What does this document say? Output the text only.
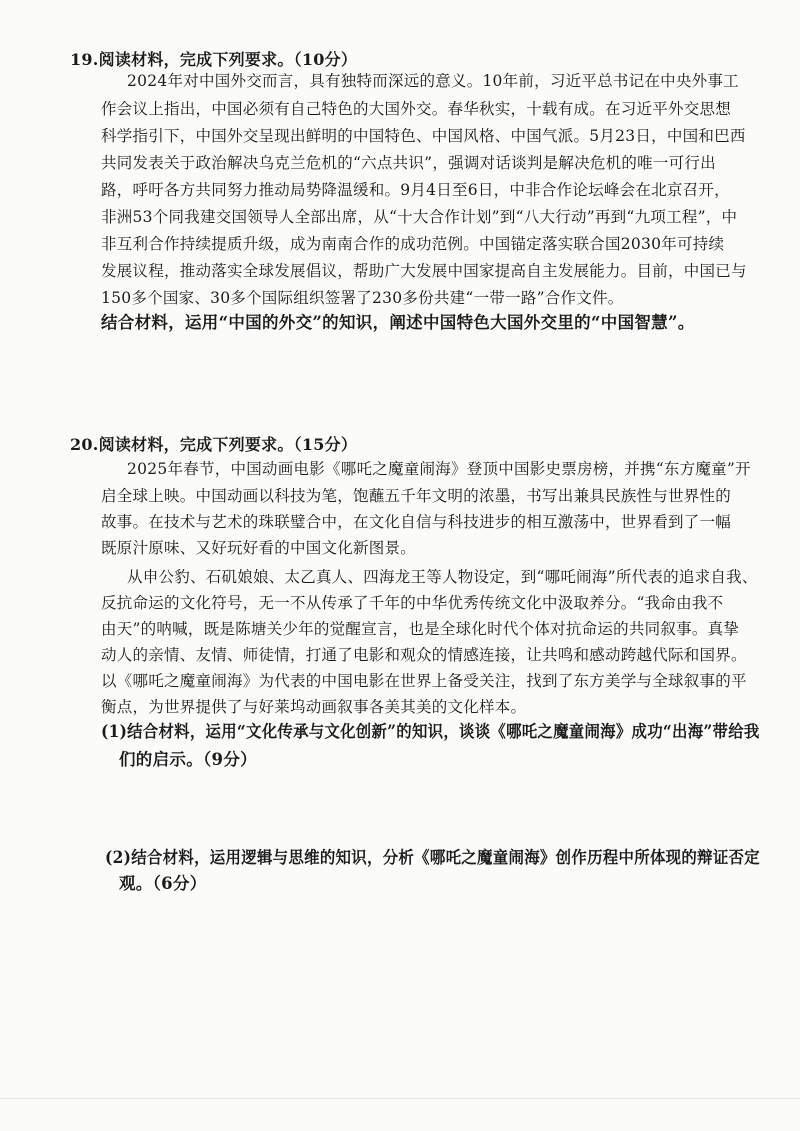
19.阅读材料，完成下列要求。（10分）
2024年对中国外交而言，具有独特而深远的意义。10年前，习近平总书记在中央外事工
作会议上指出，中国必须有自己特色的大国外交。春华秋实，十载有成。在习近平外交思想
科学指引下，中国外交呈现出鲜明的中国特色、中国风格、中国气派。5月23日，中国和巴西
共同发表关于政治解决乌克兰危机的“六点共识”，强调对话谈判是解决危机的唯一可行出
路，呼吁各方共同努力推动局势降温缓和。9月4日至6日，中非合作论坛峰会在北京召开，
非洲53个同我建交国领导人全部出席，从“十大合作计划”到“八大行动”再到“九项工程”，中
非互利合作持续提质升级，成为南南合作的成功范例。中国锚定落实联合国2030年可持续
发展议程，推动落实全球发展倡议，帮助广大发展中国家提高自主发展能力。目前，中国已与
150多个国家、30多个国际组织签署了230多份共建“一带一路”合作文件。
结合材料，运用“中国的外交”的知识，阐述中国特色大国外交里的“中国智慧”。
20.阅读材料，完成下列要求。（15分）
2025年春节，中国动画电影《哪吒之魔童闹海》登顶中国影史票房榜，并携“东方魔童”开
启全球上映。中国动画以科技为笔，饱蘸五千年文明的浓墨，书写出兼具民族性与世界性的
故事。在技术与艺术的珠联璧合中，在文化自信与科技进步的相互激荡中，世界看到了一幅
既原汁原味、又好玩好看的中国文化新图景。
从申公豹、石矶娘娘、太乙真人、四海龙王等人物设定，到“哪吒闹海”所代表的追求自我、
反抗命运的文化符号，无一不从传承了千年的中华优秀传统文化中汲取养分。“我命由我不
由天”的呐喊，既是陈塘关少年的觉醒宣言，也是全球化时代个体对抗命运的共同叙事。真挚
动人的亲情、友情、师徒情，打通了电影和观众的情感连接，让共鸣和感动跨越代际和国界。
以《哪吒之魔童闹海》为代表的中国电影在世界上备受关注，找到了东方美学与全球叙事的平
衡点，为世界提供了与好莱坞动画叙事各美其美的文化样本。
(1)结合材料，运用“文化传承与文化创新”的知识，谈谈《哪吒之魔童闹海》成功“出海”带给我
们的启示。（9分）
(2)结合材料，运用逻辑与思维的知识，分析《哪吒之魔童闹海》创作历程中所体现的辩证否定
观。（6分）
